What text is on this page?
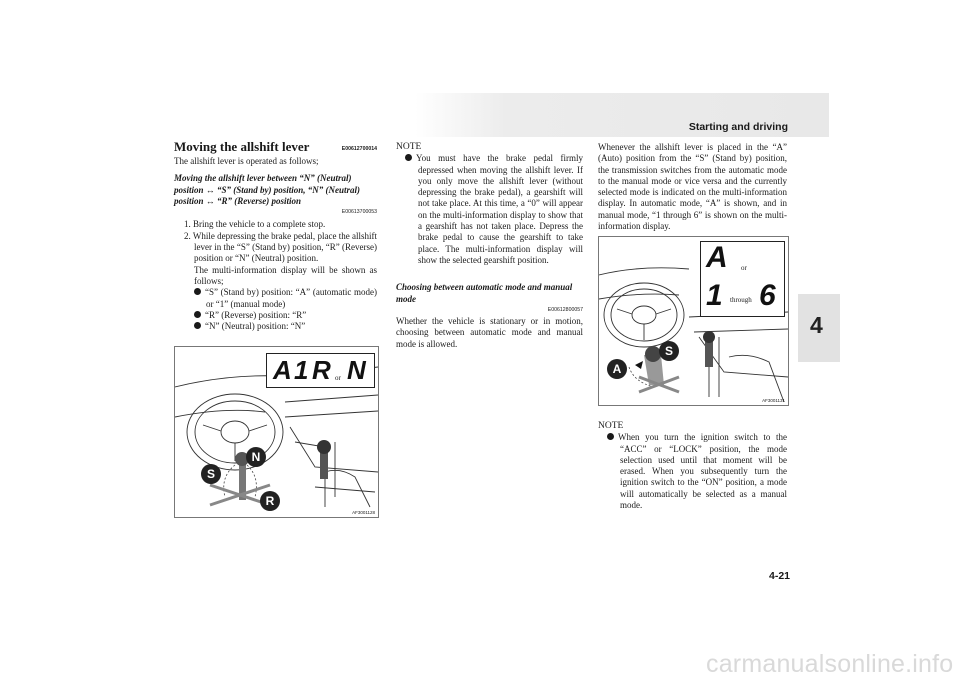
Starting and driving
4

Moving the allshift lever	E00612700014

The allshift lever is operated as follows;

Moving the allshift lever between “N” (Neutral) position ↔ “S” (Stand by) position, “N” (Neutral) position ↔ “R” (Reverse) position

E00613700053

1. Bring the vehicle to a complete stop.

2. While depressing the brake pedal, place the allshift lever in the “S” (Stand by) position, “R” (Reverse) position or “N” (Neutral) position.

The multi-information display will be shown as follows;

“S” (Stand by) position: “A” (automatic mode) or “1” (manual mode)

“R” (Reverse) position: “R”

“N” (Neutral) position: “N”

S
N
R
A 1 R or N
AF3001128

NOTE

You must have the brake pedal firmly depressed when moving the allshift lever. If you only move the allshift lever (without depressing the brake pedal), a gearshift will not take place. At this time, a “0” will appear on the multi-information display to show that a gearshift has not taken place. Depress the brake pedal to cause the gearshift to take place. The multi-information display will show the selected gearshift position.

Choosing between automatic mode and manual mode

E00612800057

Whether the vehicle is stationary or in motion, choosing between automatic mode and manual mode is allowed.

Whenever the allshift lever is placed in the “A” (Auto) position from the “S” (Stand by) position, the transmission switches from the automatic mode to the manual mode or vice versa and the currently selected mode is indicated on the multi-information display. In automatic mode, “A” is shown, and in manual mode, “1 through 6” is shown on the multi-information display.

A
S
A or
1 through 6
AF3001131

NOTE

When you turn the ignition switch to the “ACC” or “LOCK” position, the mode selection used until that moment will be erased. When you subsequently turn the ignition switch to the “ON” position, a mode will automatically be selected as a manual mode.

4-21
carmanualsonline.info
